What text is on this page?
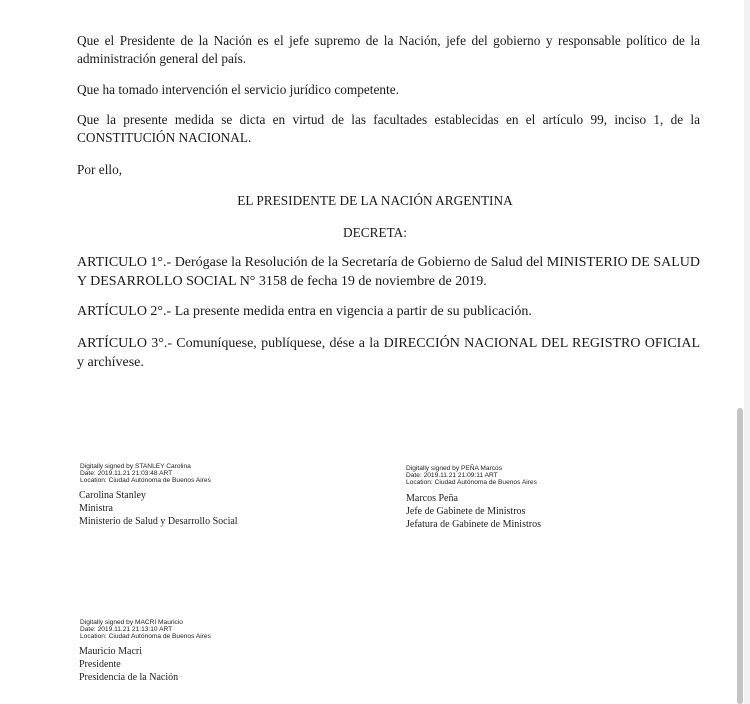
Que el Presidente de la Nación es el jefe supremo de la Nación, jefe del gobierno y responsable político de la administración general del país.
Que ha tomado intervención el servicio jurídico competente.
Que la presente medida se dicta en virtud de las facultades establecidas en el artículo 99, inciso 1, de la CONSTITUCIÓN NACIONAL.
Por ello,
EL PRESIDENTE DE LA NACIÓN ARGENTINA
DECRETA:
ARTICULO 1°.- Derógase la Resolución de la Secretaría de Gobierno de Salud del MINISTERIO DE SALUD Y DESARROLLO SOCIAL N° 3158 de fecha 19 de noviembre de 2019.
ARTÍCULO 2°.- La presente medida entra en vigencia a partir de su publicación.
ARTÍCULO 3°.- Comuníquese, publíquese, dése a la DIRECCIÓN NACIONAL DEL REGISTRO OFICIAL y archívese.
Digitally signed by STANLEY Carolina
Date: 2019.11.21 21:03:48 ART
Location: Ciudad Autónoma de Buenos Aires
Carolina Stanley
Ministra
Ministerio de Salud y Desarrollo Social
Digitally signed by PEÑA Marcos
Date: 2019.11.21 21:09:11 ART
Location: Ciudad Autónoma de Buenos Aires
Marcos Peña
Jefe de Gabinete de Ministros
Jefatura de Gabinete de Ministros
Digitally signed by MACRI Mauricio
Date: 2019.11.21 21:13:10 ART
Location: Ciudad Autónoma de Buenos Aires
Mauricio Macri
Presidente
Presidencia de la Nación
